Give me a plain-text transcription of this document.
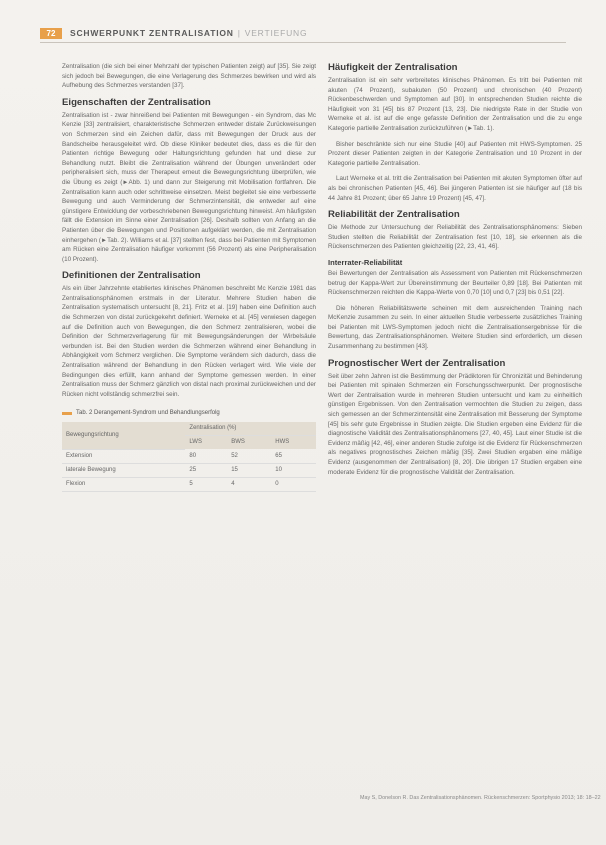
72	SCHWERPUNKT ZENTRALISATION | VERTIEFUNG

Zentralisation (die sich bei einer Mehrzahl der typischen Patienten zeigt) auf [35]. Sie zeigt sich jedoch bei Bewegungen, die eine Verlagerung des Schmerzes bewirken und wird als Aufhebung des Schmerzes verstanden [37].

Eigenschaften der Zentralisation

Zentralisation ist - zwar hinreißend bei Patienten mit Bewegungen - ein Syndrom, das Mc Kenzie [33] zentralisiert, charakteristische Schmerzen entweder distale Zurückweisungen von Schmerzen sind ein Zeichen dafür, dass mit Bewegungen der Druck aus der Bandscheibe herausgeleitet wird. Ob diese Kliniker bedeutet dies, dass es die für den Patienten richtige Bewegung oder Haltungsrichtung gefunden hat und diese zur Behandlung nutzt. Bleibt die Zentralisation während der Übungen unverändert oder peripheralisiert sich, muss der Therapeut erneut die Bewegungsrichtung überprüfen, wie die Übung es zeigt (►Abb. 1) und dann zur Steigerung mit Mobilisation fortfahren. Die Zentralisation kann auch oder schrittweise einsetzen. Meist begleitet sie eine verbesserte Bewegung und auch Verminderung der Schmerzintensität, die entweder auf eine günstigere Entwicklung der vorbeschriebenen Bewegungsrichtung hinweist. Am häufigsten fällt die Extension im Sinne einer Zentralisation [26]. Deshalb sollten von Anfang an die Patienten über die Bewegungen und Positionen aufgeklärt werden, die mit Zentralisation einhergehen (►Tab. 2). Williams et al. [37] stellten fest, dass bei Patienten mit Symptomen am Rücken eine Zentralisation häufiger vorkommt (56 Prozent) als eine Peripheralisation (10 Prozent).

Definitionen der Zentralisation

Als ein über Jahrzehnte etabliertes klinisches Phänomen beschreibt Mc Kenzie 1981 das Zentralisationsphänomen erstmals in der Literatur. Mehrere Studien haben die Zentralisation systematisch untersucht [8, 21]. Fritz et al. [19] haben eine Definition auch die Schmerzen von distal zurückgekehrt definiert. Werneke et al. [45] verwiesen dagegen auf die Definition auch von Bewegungen, die den Schmerz zentralisieren, wobei die Definition der Schmerzverlagerung für mit Bewegungsänderungen der Wirbelsäule verbunden ist. Bei den Studien werden die Schmerzen während einer Behandlung in Abhängigkeit vom Schmerz verglichen. Die Symptome verändern sich dadurch, dass die Zentralisation während der Behandlung in den Rücken verlagert wird. Wie viele der Bedingungen dies erfüllt, kann anhand der Symptome gemessen werden. In einer Zentralisation muss der Schmerz gänzlich von distal nach proximal zurückweichen und der Rücken nicht vollständig schmerzfrei sein.

Tab. 2 Derangement-Syndrom und Behandlungserfolg
Bewegungsrichtung	Zentralisation (%)		
	LWS	BWS	HWS
Extension	80	52	65
laterale Bewegung	25	15	10
Flexion	5	4	0
Häufigkeit der Zentralisation

Zentralisation ist ein sehr verbreitetes klinisches Phänomen. Es tritt bei Patienten mit akuten (74 Prozent), subakuten (50 Prozent) und chronischen (40 Prozent) Rückenbeschwerden und Symptomen auf [30]. In entsprechenden Studien reichte die Häufigkeit von 31 [45] bis 87 Prozent [13, 23]. Die niedrigste Rate in der Studie von Werneke et al. ist auf die enge gefasste Definition der Zentralisation und die zu enge Kategorie partielle Zentralisation zurückzuführen (►Tab. 1).

Bisher beschränkte sich nur eine Studie [40] auf Patienten mit HWS-Symptomen. 25 Prozent dieser Patienten zeigten in der Kategorie Zentralisation und 10 Prozent in der Kategorie partielle Zentralisation.

Laut Werneke et al. tritt die Zentralisation bei Patienten mit akuten Symptomen öfter auf als bei chronischen Patienten [45, 46]. Bei jüngeren Patienten ist sie häufiger auf (18 bis 44 Jahre 81 Prozent; über 65 Jahre 19 Prozent) [45, 47].

Reliabilität der Zentralisation

Die Methode zur Untersuchung der Reliabilität des Zentralisationsphänomens: Sieben Studien stellten die Reliabilität der Zentralisation fest [10, 18], sie erkennen als die Rückenschmerzen des Patienten gleichzeitig [22, 23, 41, 46].

Interrater-Reliabilität

Bei Bewertungen der Zentralisation als Assessment von Patienten mit Rückenschmerzen betrug der Kappa-Wert zur Übereinstimmung der Beurteiler 0,89 [18]. Bei Patienten mit Rückenschmerzen reichten die Kappa-Werte von 0,70 [10] und 0,7 [23] bis 0,51 [22].

Die höheren Reliabilitätswerte scheinen mit dem ausreichenden Training nach McKenzie zusammen zu sein. In einer aktuellen Studie verbesserte zusätzliches Training bei Patienten mit LWS-Symptomen jedoch nicht die Zentralisationsergebnisse für die Bewertung, das Zentralisationsphänomen. Weitere Studien sind erforderlich, um diesen Zusammenhang zu bestimmen [43].

Prognostischer Wert der Zentralisation

Seit über zehn Jahren ist die Bestimmung der Prädiktoren für Chronizität und Behinderung bei Patienten mit spinalen Schmerzen ein Forschungsschwerpunkt. Der prognostische Wert der Zentralisation wurde in mehreren Studien untersucht und kam zu einheitlich günstigen Ergebnissen. Von den Zentralisation vermochten die Studien zu zeigen, dass sich gemessen an der Schmerzintensität eine Zentralisation mit Besserung der Symptome [45] bis sehr gute Ergebnisse in Studien zeigte. Die Studien ergeben eine Evidenz für die diagnostische Validität des Zentralisationsphänomens [27, 40, 45]. Laut einer Studie ist die Evidenz mäßig [42, 46], einer anderen Studie zufolge ist die Evidenz für Rückenschmerzen als negatives prognostisches Zeichen mäßig [35]. Zwei Studien ergaben eine mäßige Evidenz (ausgenommen der Zentralisation) [8, 20]. Die übrigen 17 Studien ergaben eine moderate Evidenz für die prognostische Validität der Zentralisation.

May S, Donelson R. Das Zentralisationsphänomen. Rückenschmerzen: Sportphysio 2013; 18: 18–22
